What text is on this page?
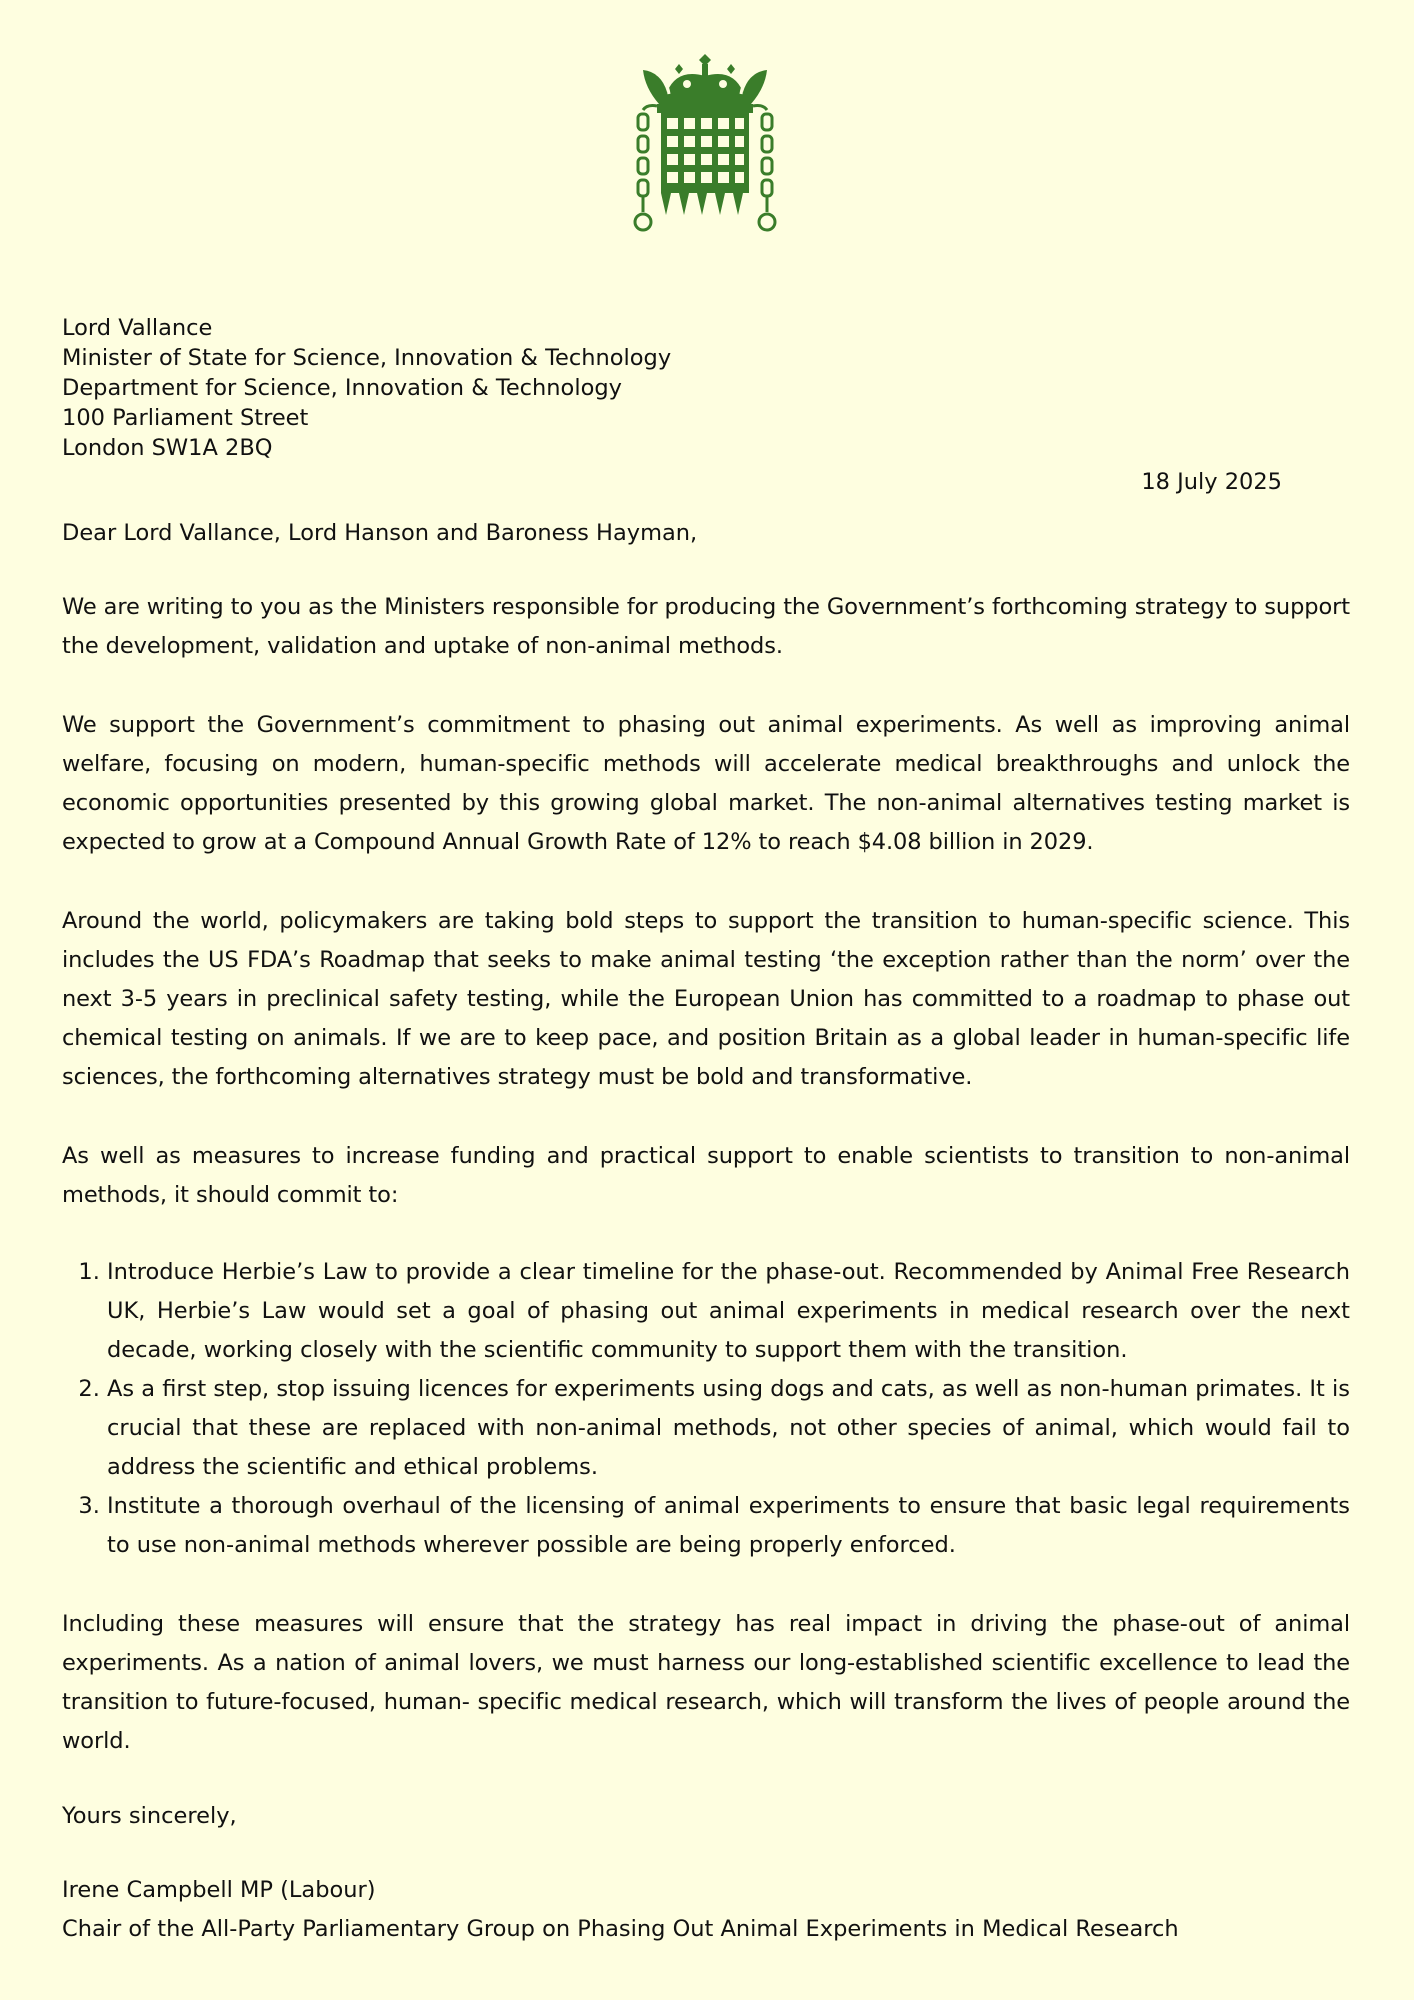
Lord Vallance
Minister of State for Science, Innovation & Technology
Department for Science, Innovation & Technology
100 Parliament Street
London SW1A 2BQ
18 July 2025

Dear Lord Vallance, Lord Hanson and Baroness Hayman,

We are writing to you as the Ministers responsible for producing the Government’s forthcoming strategy to support the development, validation and uptake of non-animal methods.

We support the Government’s commitment to phasing out animal experiments. As well as improving animal welfare, focusing on modern, human-specific methods will accelerate medical breakthroughs and unlock the economic opportunities presented by this growing global market. The non-animal alternatives testing market is expected to grow at a Compound Annual Growth Rate of 12% to reach $4.08 billion in 2029.

Around the world, policymakers are taking bold steps to support the transition to human-specific science. This includes the US FDA’s Roadmap that seeks to make animal testing ‘the exception rather than the norm’ over the next 3-5 years in preclinical safety testing, while the European Union has committed to a roadmap to phase out chemical testing on animals. If we are to keep pace, and position Britain as a global leader in human-specific life sciences, the forthcoming alternatives strategy must be bold and transformative.

As well as measures to increase funding and practical support to enable scientists to transition to non-animal methods, it should commit to:

1. Introduce Herbie’s Law to provide a clear timeline for the phase-out. Recommended by Animal Free Research UK, Herbie’s Law would set a goal of phasing out animal experiments in medical research over the next decade, working closely with the scientific community to support them with the transition.
2. As a first step, stop issuing licences for experiments using dogs and cats, as well as non-human primates. It is crucial that these are replaced with non-animal methods, not other species of animal, which would fail to address the scientific and ethical problems.
3. Institute a thorough overhaul of the licensing of animal experiments to ensure that basic legal requirements to use non-animal methods wherever possible are being properly enforced.

Including these measures will ensure that the strategy has real impact in driving the phase-out of animal experiments. As a nation of animal lovers, we must harness our long-established scientific excellence to lead the transition to future-focused, human- specific medical research, which will transform the lives of people around the world.

Yours sincerely,

Irene Campbell MP (Labour)

Chair of the All-Party Parliamentary Group on Phasing Out Animal Experiments in Medical Research
